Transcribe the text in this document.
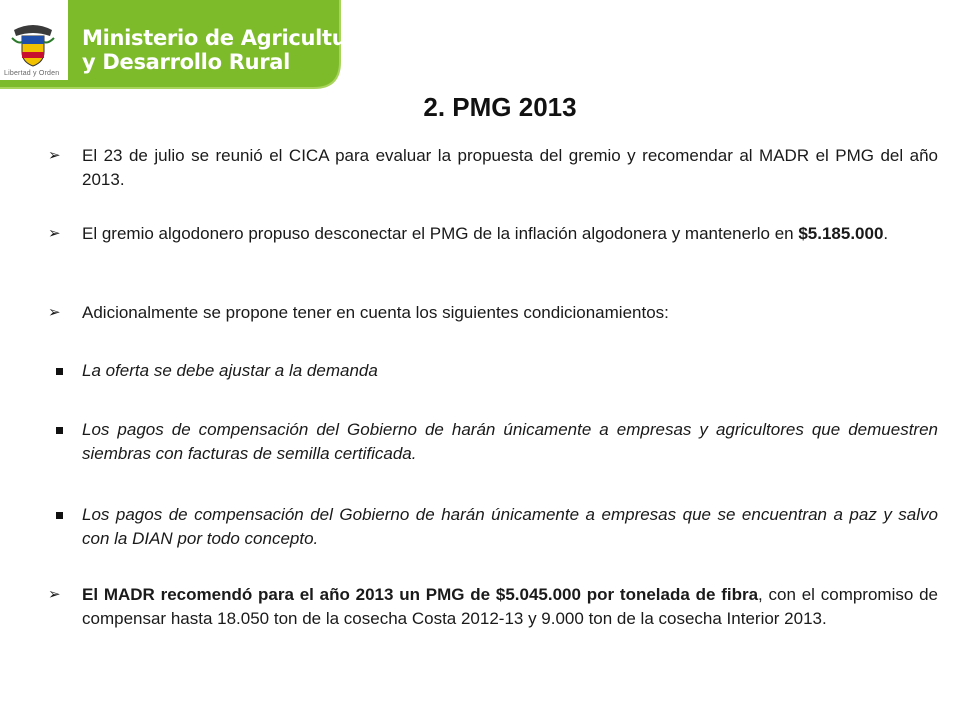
Libertad y Orden
Ministerio de Agricultura
y Desarrollo Rural
2. PMG 2013
➢	El 23 de julio se reunió el CICA para evaluar la propuesta del gremio y recomendar al MADR el PMG del año 2013.
➢	El gremio algodonero propuso desconectar el PMG de la inflación algodonera y mantenerlo en $5.185.000.
➢	Adicionalmente se propone tener en cuenta los siguientes condicionamientos:
La oferta se debe ajustar a la demanda
Los pagos de compensación del Gobierno de harán únicamente a empresas y agricultores que demuestren siembras con facturas de semilla certificada.
Los pagos de compensación del Gobierno de harán únicamente a empresas que se encuentran a paz y salvo con la DIAN por todo concepto.
➢	El MADR recomendó para el año 2013 un PMG de $5.045.000 por tonelada de fibra, con el compromiso de compensar hasta 18.050 ton de la cosecha Costa 2012-13 y 9.000 ton de la cosecha Interior 2013.
